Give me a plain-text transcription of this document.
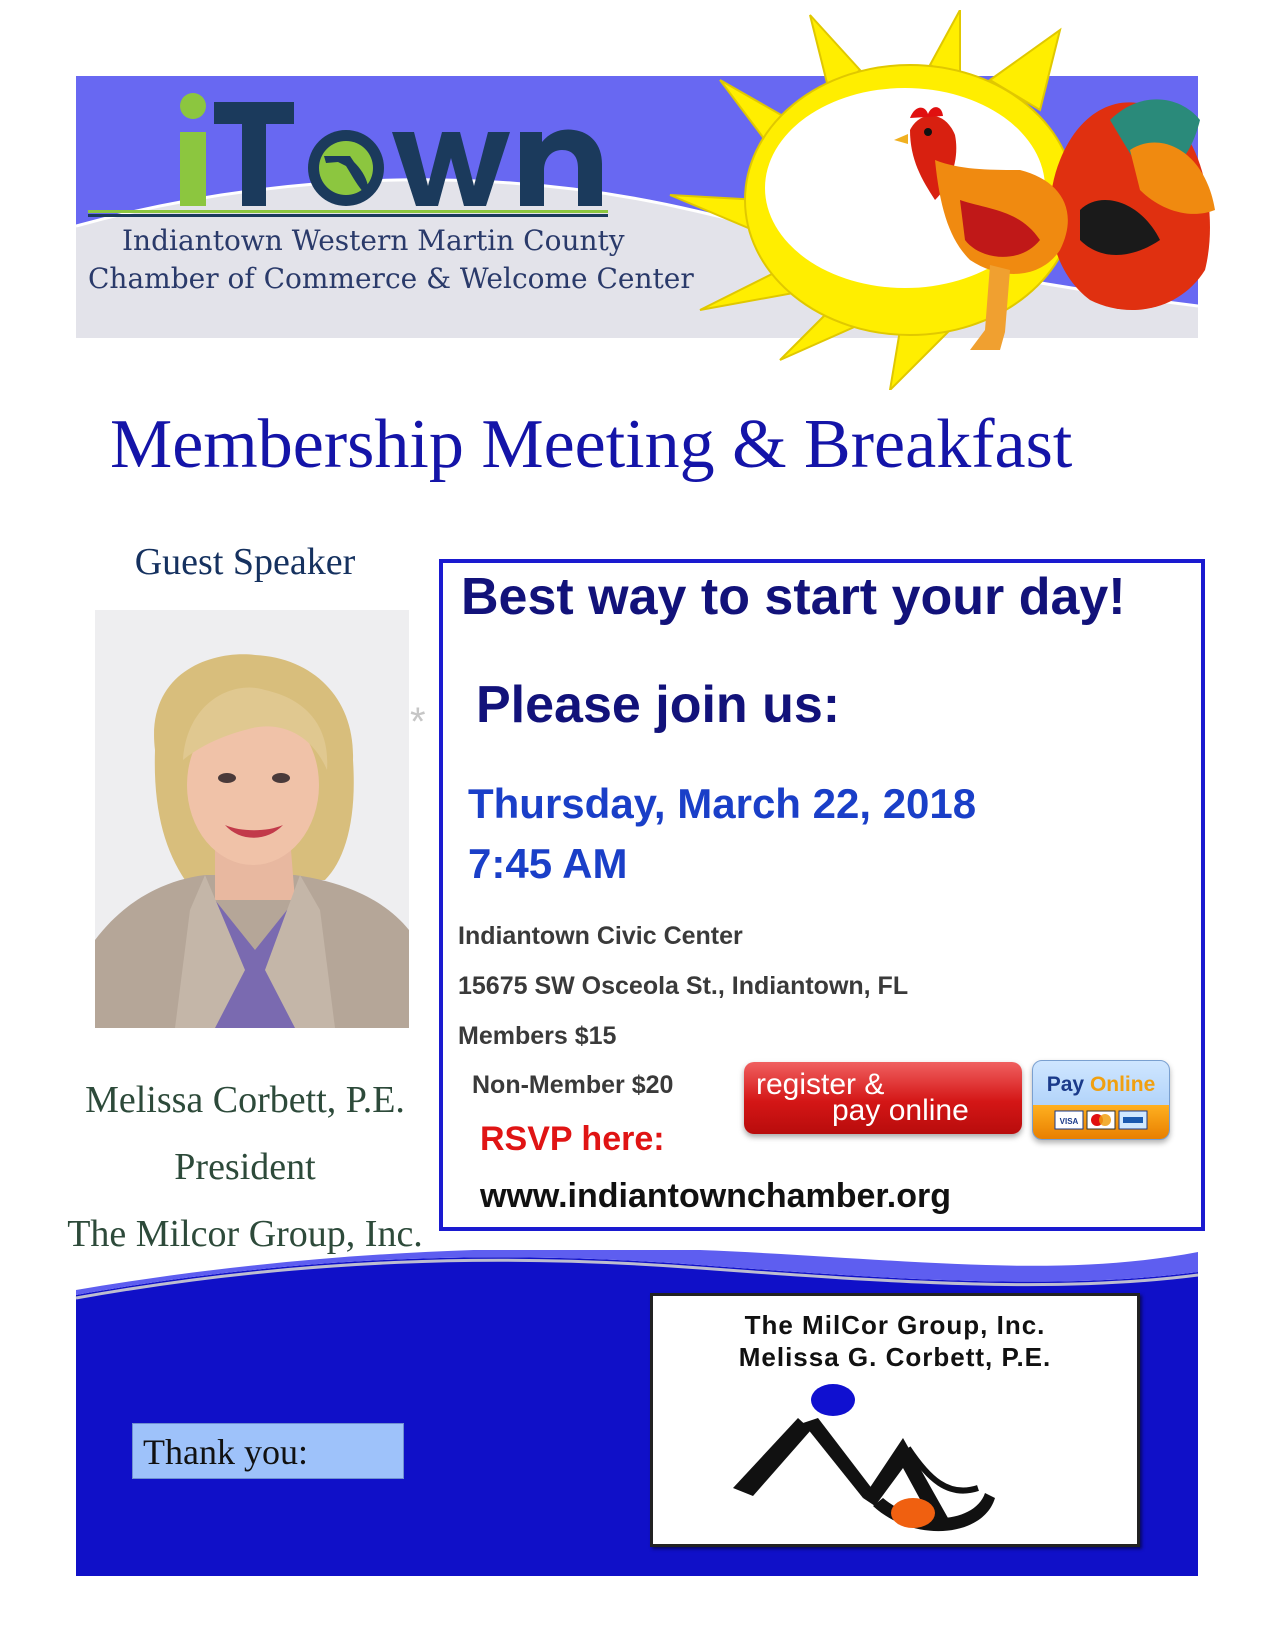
Indiantown Western Martin County
Chamber of Commerce & Welcome Center
Membership Meeting & Breakfast
Guest Speaker
*
Melissa Corbett, P.E.
President
The Milcor Group, Inc.
Best way to start your day!
Please join us:
Thursday, March 22, 2018
7:45 AM
Indiantown Civic Center
15675 SW Osceola St., Indiantown, FL
Members $15
Non-Member $20
RSVP here:
www.indiantownchamber.org
register &
pay online
Pay Online
VISA
Thank you:
The MilCor Group, Inc.
Melissa G. Corbett, P.E.
